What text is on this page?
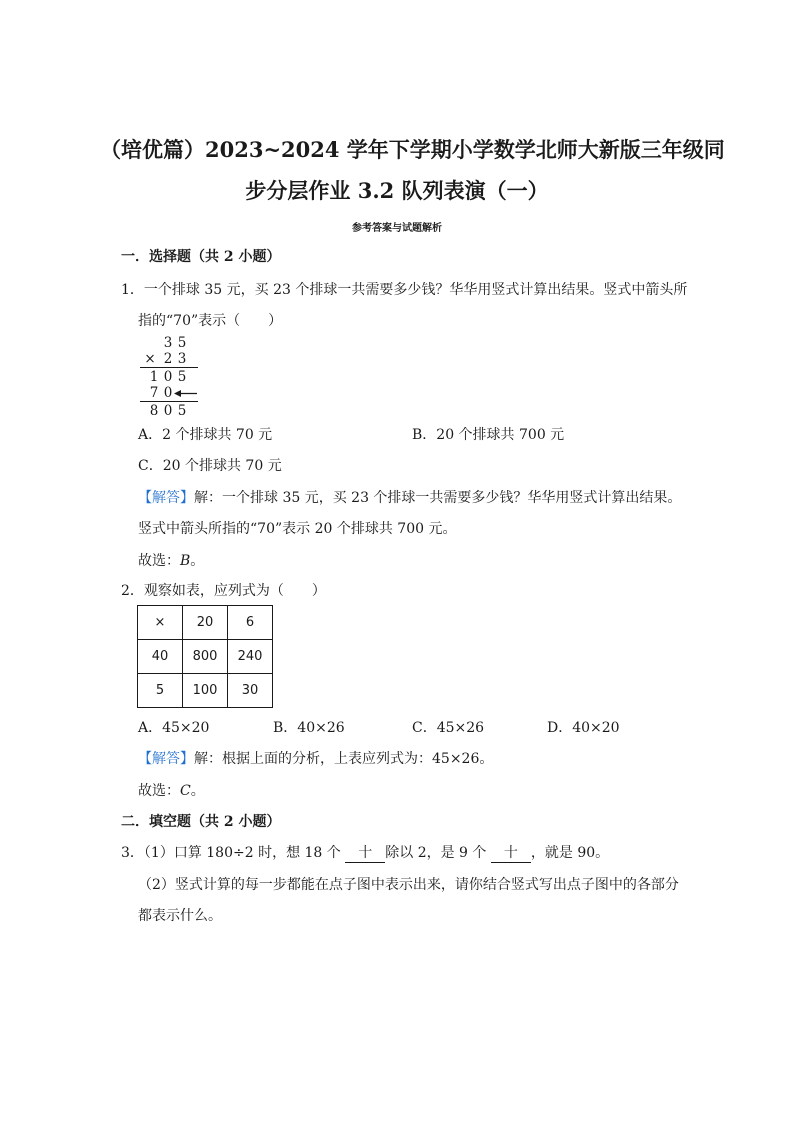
（培优篇）2023~2024 学年下学期小学数学北师大新版三年级同
步分层作业 3.2 队列表演（一）
参考答案与试题解析
一．选择题（共 2 小题）
1．一个排球 35 元，买 23 个排球一共需要多少钱？华华用竖式计算出结果。竖式中箭头所
指的“70”表示（　　）
3 5
× 2 3
1 0 5
7 0
8 0 5
A．2 个排球共 70 元	B．20 个排球共 700 元
C．20 个排球共 70 元
【解答】解：一个排球 35 元，买 23 个排球一共需要多少钱？华华用竖式计算出结果。
竖式中箭头所指的“70”表示 20 个排球共 700 元。
故选：B。
2．观察如表，应列式为（　　）
×	20	6
40	800	240
5	100	30
A．45×20	B．40×26	C．45×26	D．40×20
【解答】解：根据上面的分析，上表应列式为：45×26。
故选：C。
二．填空题（共 2 小题）
3．（1）口算 180÷2 时，想 18 个 十 除以 2，是 9 个 十 ，就是 90。
（2）竖式计算的每一步都能在点子图中表示出来，请你结合竖式写出点子图中的各部分
都表示什么。
